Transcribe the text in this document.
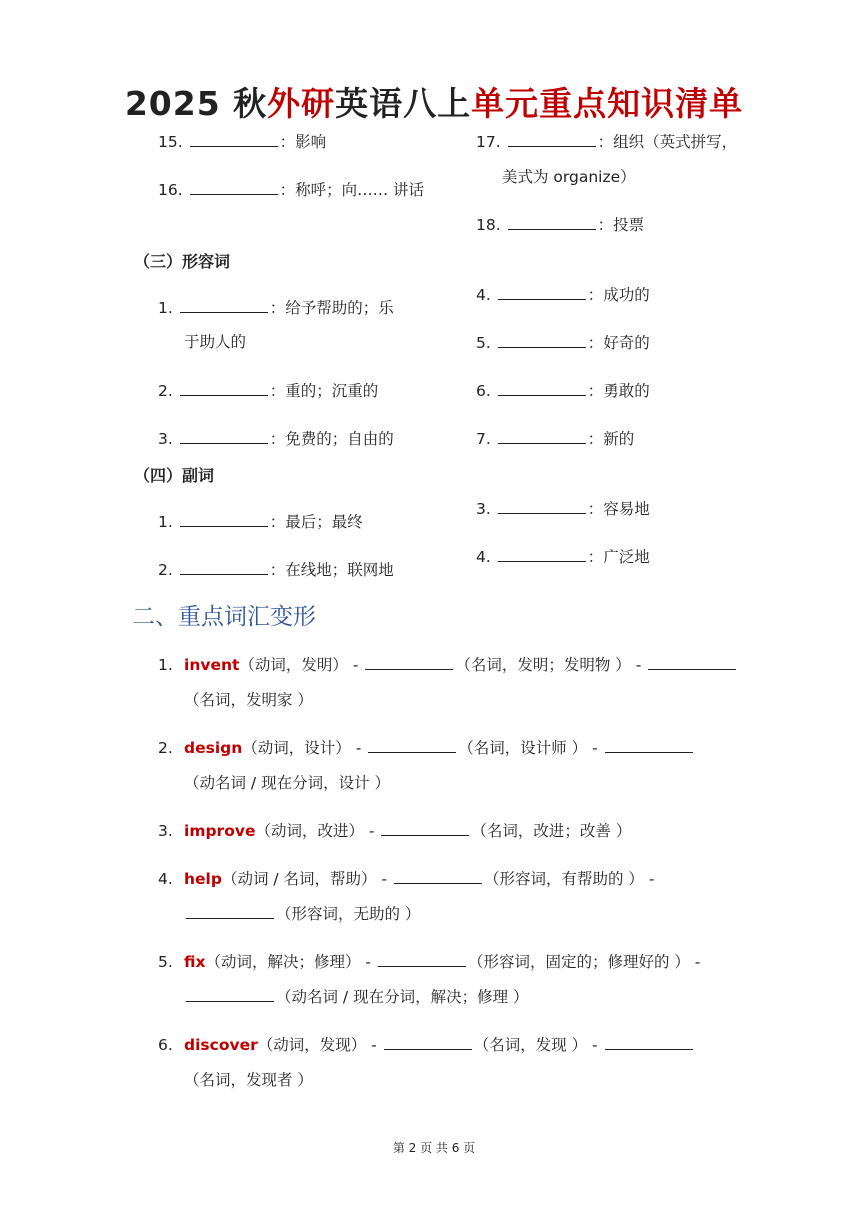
2025 秋外研英语八上单元重点知识清单
15.	：影响
16.	：称呼；向…… 讲话
17.	：组织（英式拼写，
美式为 organize）
18.	：投票
（三）形容词
1.	：给予帮助的；乐
于助人的
2.	：重的；沉重的
3.	：免费的；自由的
4.	：成功的
5.	：好奇的
6.	：勇敢的
7.	：新的
（四）副词
1.	：最后；最终
2.	：在线地；联网地
3.	：容易地
4.	：广泛地
二、重点词汇变形
1. invent（动词，发明） -	（名词，发明；发明物 ） -
（名词，发明家 ）
2. design（动词，设计） -	（名词，设计师 ） -
（动名词 / 现在分词，设计 ）
3. improve（动词，改进） -	（名词，改进；改善 ）
4. help（动词 / 名词，帮助） -	（形容词，有帮助的 ） -
（形容词，无助的 ）
5. fix（动词，解决；修理） -	（形容词，固定的；修理好的 ） -
（动名词 / 现在分词，解决；修理 ）
6. discover（动词，发现） -	（名词，发现 ） -
（名词，发现者 ）
第 2 页 共 6 页
